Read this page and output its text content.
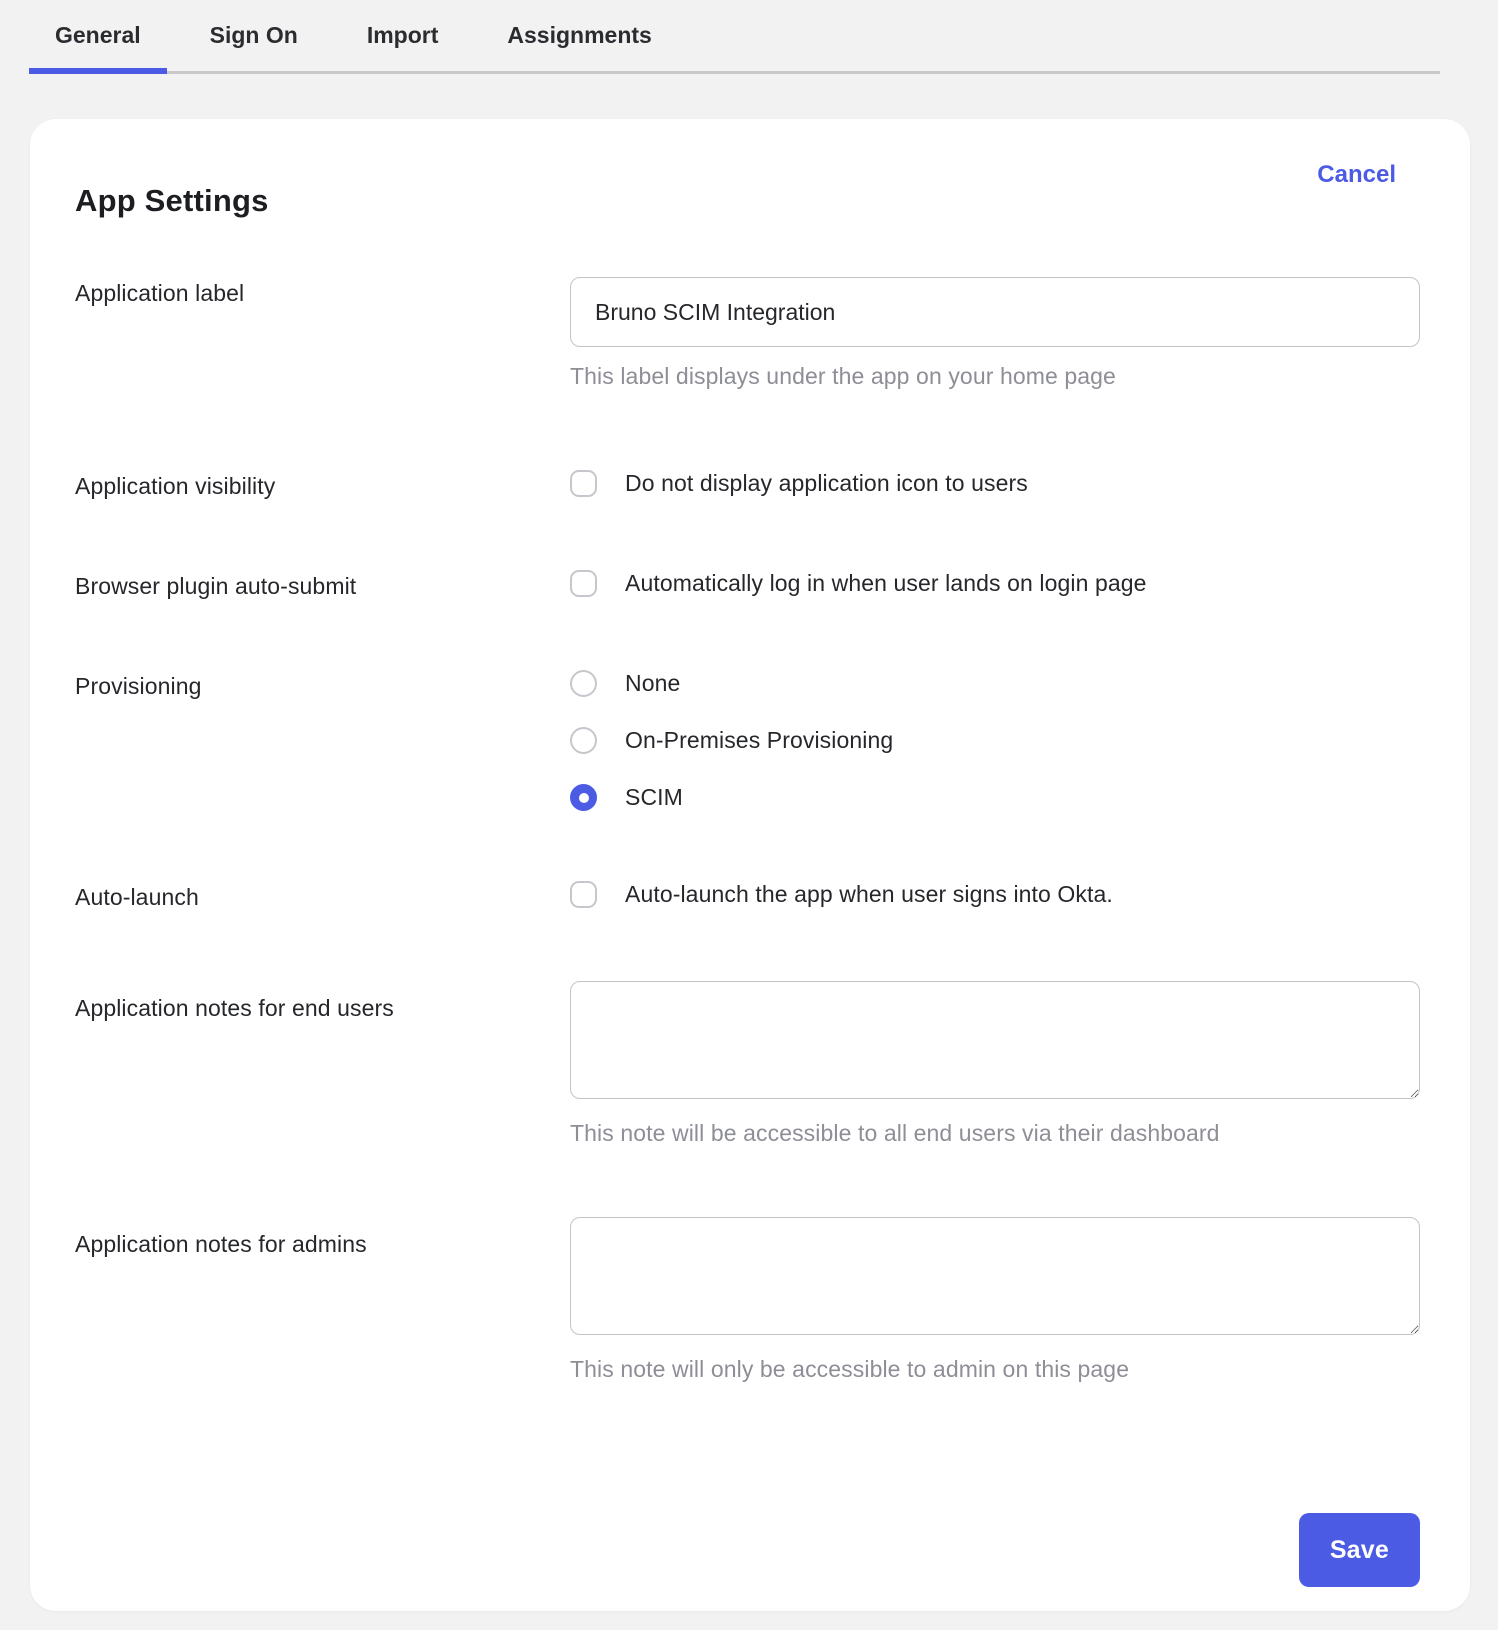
General	Sign On	Import	Assignments
App Settings
Cancel
Application label
Bruno SCIM Integration
This label displays under the app on your home page
Application visibility	Do not display application icon to users
Browser plugin auto-submit	Automatically log in when user lands on login page
Provisioning	None
On-Premises Provisioning
SCIM
Auto-launch	Auto-launch the app when user signs into Okta.
Application notes for end users
This note will be accessible to all end users via their dashboard
Application notes for admins
This note will only be accessible to admin on this page
Save
